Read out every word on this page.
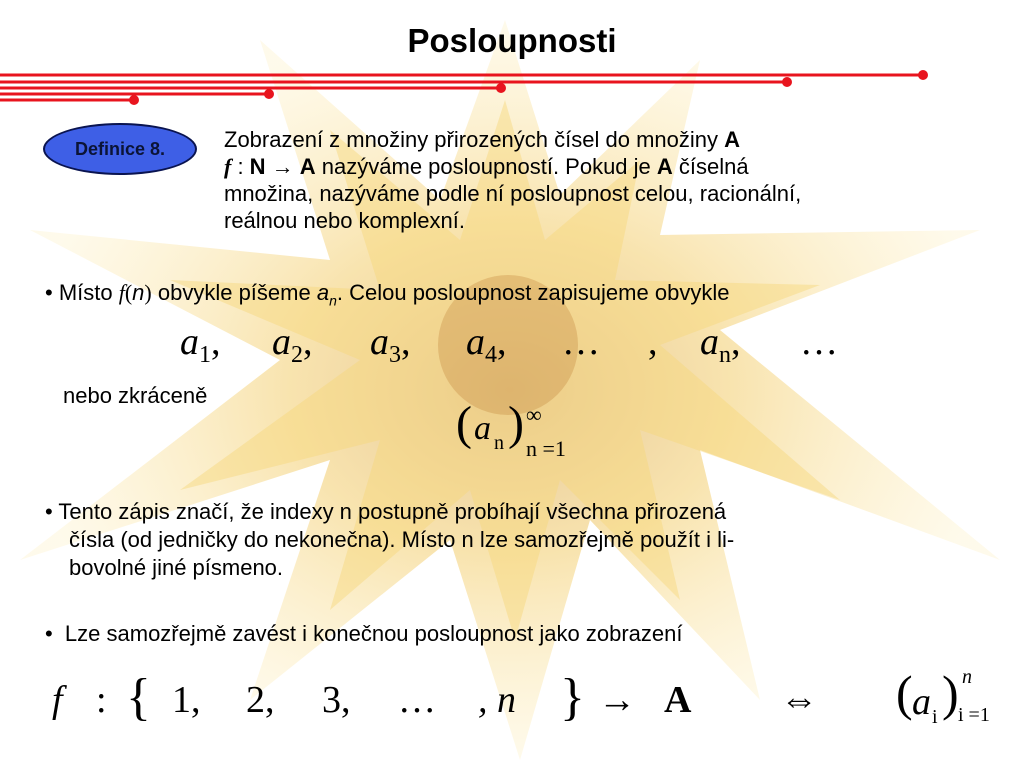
Posloupnosti
Definice 8.	Zobrazení z množiny přirozených čísel do množiny A
f : N → A nazýváme posloupností. Pokud je A číselná
množina, nazýváme podle ní posloupnost celou, racionální,
reálnou nebo komplexní.
• Místo f(n) obvykle píšeme $a_n$. Celou posloupnost zapisujeme obvykle
$a_1$, $a_2$, $a_3$, $a_4$, … , $a_n$, …
nebo zkráceně
( a n ) ∞
n =1
• Tento zápis značí, že indexy n postupně probíhají všechna přirozená
čísla (od jedničky do nekonečna). Místo n lze samozřejmě použít i li-
bovolné jiné písmeno.
•  Lze samozřejmě zavést i konečnou posloupnost jako zobrazení
f : { 1, 2, 3, … , n } → A ⇔ ( a i ) n
i =1
